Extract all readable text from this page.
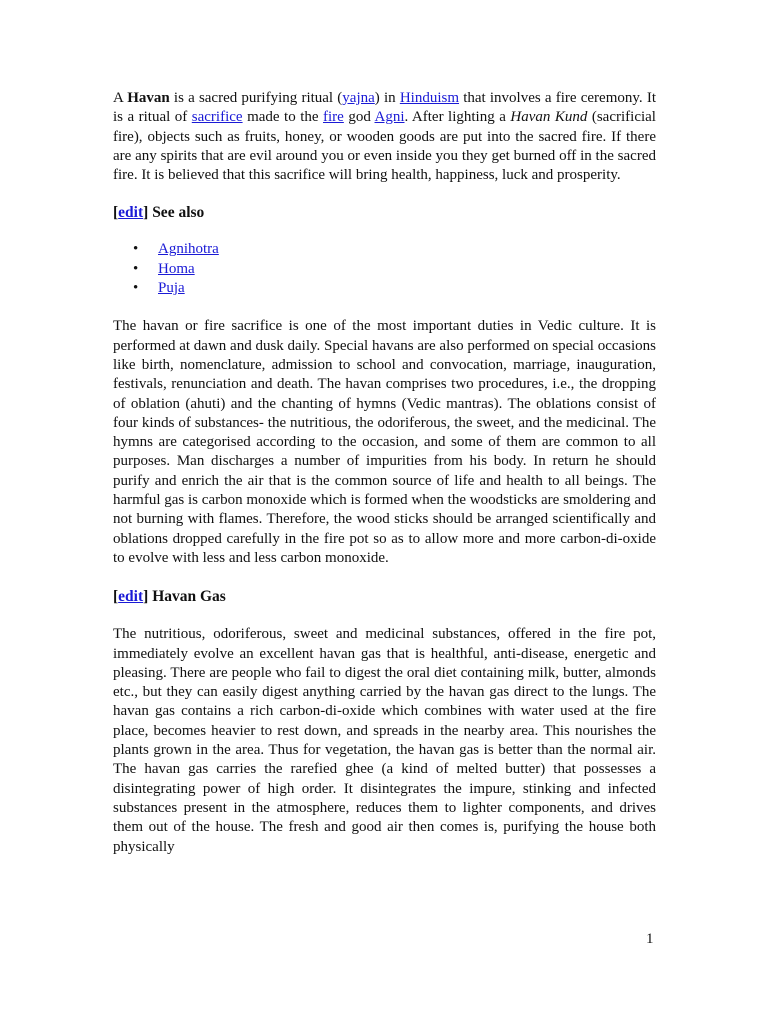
A Havan is a sacred purifying ritual (yajna) in Hinduism that involves a fire ceremony. It is a ritual of sacrifice made to the fire god Agni. After lighting a Havan Kund (sacrificial fire), objects such as fruits, honey, or wooden goods are put into the sacred fire. If there are any spirits that are evil around you or even inside you they get burned off in the sacred fire. It is believed that this sacrifice will bring health, happiness, luck and prosperity.

[edit] See also
• Agnihotra
• Homa
• Puja

The havan or fire sacrifice is one of the most important duties in Vedic culture. It is performed at dawn and dusk daily. Special havans are also performed on special occasions like birth, nomenclature, admission to school and convocation, marriage, inauguration, festivals, renunciation and death. The havan comprises two procedures, i.e., the dropping of oblation (ahuti) and the chanting of hymns (Vedic mantras). The oblations consist of four kinds of substances- the nutritious, the odoriferous, the sweet, and the medicinal. The hymns are categorised according to the occasion, and some of them are common to all purposes. Man discharges a number of impurities from his body. In return he should purify and enrich the air that is the common source of life and health to all beings. The harmful gas is carbon monoxide which is formed when the woodsticks are smoldering and not burning with flames. Therefore, the wood sticks should be arranged scientifically and oblations dropped carefully in the fire pot so as to allow more and more carbon-di-oxide to evolve with less and less carbon monoxide.

[edit] Havan Gas

The nutritious, odoriferous, sweet and medicinal substances, offered in the fire pot, immediately evolve an excellent havan gas that is healthful, anti-disease, energetic and pleasing. There are people who fail to digest the oral diet containing milk, butter, almonds etc., but they can easily digest anything carried by the havan gas direct to the lungs. The havan gas contains a rich carbon-di-oxide which combines with water used at the fire place, becomes heavier to rest down, and spreads in the nearby area. This nourishes the plants grown in the area. Thus for vegetation, the havan gas is better than the normal air. The havan gas carries the rarefied ghee (a kind of melted butter) that possesses a disintegrating power of high order. It disintegrates the impure, stinking and infected substances present in the atmosphere, reduces them to lighter components, and drives them out of the house. The fresh and good air then comes is, purifying the house both physically

1
